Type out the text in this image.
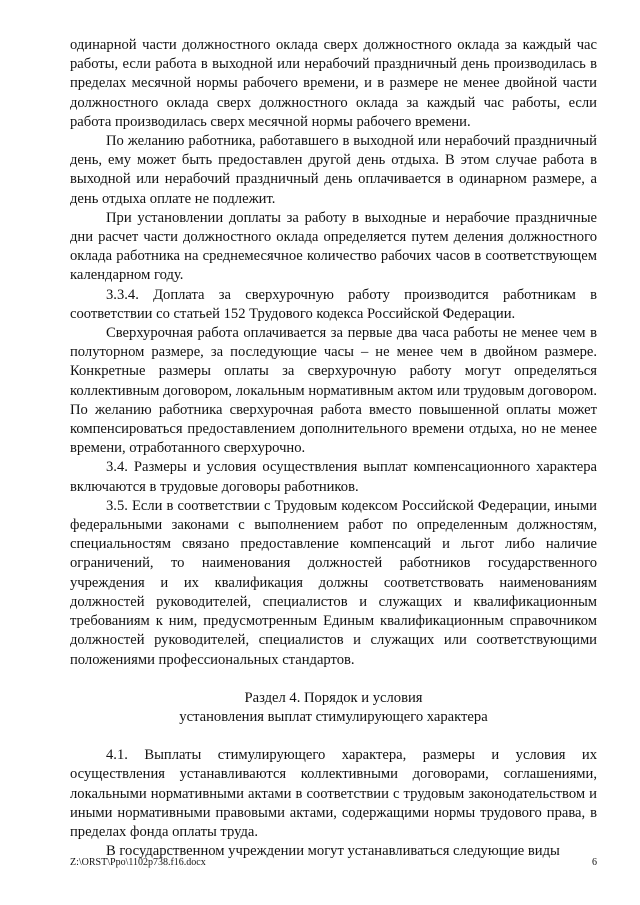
одинарной части должностного оклада сверх должностного оклада за каждый час работы, если работа в выходной или нерабочий праздничный день производилась в пределах месячной нормы рабочего времени, и в размере не менее двойной части должностного оклада сверх должностного оклада за каждый час работы, если работа производилась сверх месячной нормы рабочего времени.

По желанию работника, работавшего в выходной или нерабочий праздничный день, ему может быть предоставлен другой день отдыха. В этом случае работа в выходной или нерабочий праздничный день оплачивается в одинарном размере, а день отдыха оплате не подлежит.

При установлении доплаты за работу в выходные и нерабочие праздничные дни расчет части должностного оклада определяется путем деления должностного оклада работника на среднемесячное количество рабочих часов в соответствующем календарном году.

3.3.4. Доплата за сверхурочную работу производится работникам в соответствии со статьей 152 Трудового кодекса Российской Федерации.

Сверхурочная работа оплачивается за первые два часа работы не менее чем в полуторном размере, за последующие часы – не менее чем в двойном размере. Конкретные размеры оплаты за сверхурочную работу могут определяться коллективным договором, локальным нормативным актом или трудовым договором. По желанию работника сверхурочная работа вместо повышенной оплаты может компенсироваться предоставлением дополнительного времени отдыха, но не менее времени, отработанного сверхурочно.

3.4. Размеры и условия осуществления выплат компенсационного характера включаются в трудовые договоры работников.

3.5. Если в соответствии с Трудовым кодексом Российской Федерации, иными федеральными законами с выполнением работ по определенным должностям, специальностям связано предоставление компенсаций и льгот либо наличие ограничений, то наименования должностей работников государственного учреждения и их квалификация должны соответствовать наименованиям должностей руководителей, специалистов и служащих и квалификационным требованиям к ним, предусмотренным Единым квалификационным справочником должностей руководителей, специалистов и служащих или соответствующими положениями профессиональных стандартов.

Раздел 4. Порядок и условия
установления выплат стимулирующего характера

4.1. Выплаты стимулирующего характера, размеры и условия их осуществления устанавливаются коллективными договорами, соглашениями, локальными нормативными актами в соответствии с трудовым законодательством и иными нормативными правовыми актами, содержащими нормы трудового права, в пределах фонда оплаты труда.

В государственном учреждении могут устанавливаться следующие виды

Z:\ORST\Ppo\1102p738.f16.docx	6
